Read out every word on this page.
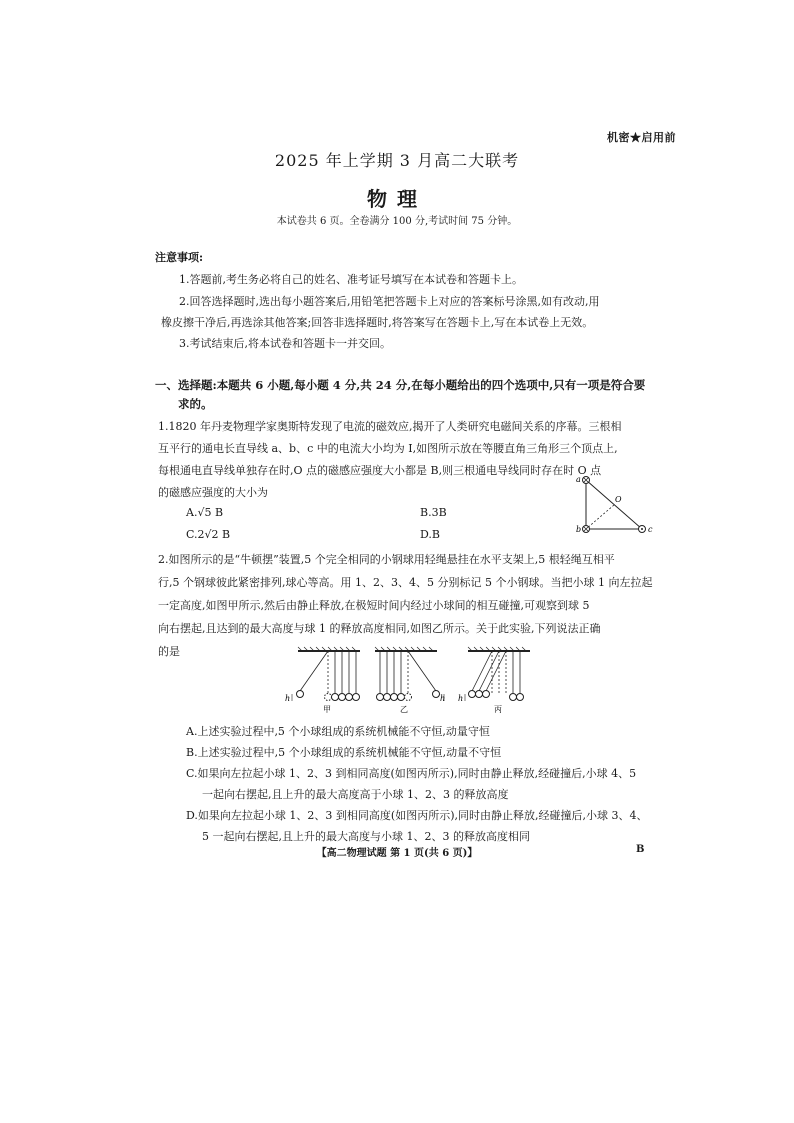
机密★启用前
2025 年上学期 3 月高二大联考
物理
本试卷共 6 页。全卷满分 100 分,考试时间 75 分钟。
注意事项:
1.答题前,考生务必将自己的姓名、准考证号填写在本试卷和答题卡上。
2.回答选择题时,选出每小题答案后,用铅笔把答题卡上对应的答案标号涂黑,如有改动,用
橡皮擦干净后,再选涂其他答案;回答非选择题时,将答案写在答题卡上,写在本试卷上无效。
3.考试结束后,将本试卷和答题卡一并交回。
一、选择题:本题共 6 小题,每小题 4 分,共 24 分,在每小题给出的四个选项中,只有一项是符合要
求的。
1.1820 年丹麦物理学家奥斯特发现了电流的磁效应,揭开了人类研究电磁间关系的序幕。三根相
互平行的通电长直导线 a、b、c 中的电流大小均为 I,如图所示放在等腰直角三角形三个顶点上,
每根通电直导线单独存在时,O 点的磁感应强度大小都是 B,则三根通电导线同时存在时 O 点
的磁感应强度的大小为
A.√5 B	B.3B
C.2√2 B	D.B
a
b	c
O
2.如图所示的是“牛顿摆”装置,5 个完全相同的小钢球用轻绳悬挂在水平支架上,5 根轻绳互相平
行,5 个钢球彼此紧密排列,球心等高。用 1、2、3、4、5 分别标记 5 个小钢球。当把小球 1 向左拉起
一定高度,如图甲所示,然后由静止释放,在极短时间内经过小球间的相互碰撞,可观察到球 5
向右摆起,且达到的最大高度与球 1 的释放高度相同,如图乙所示。关于此实验,下列说法正确
的是
h
甲
h
乙
h
丙
A.上述实验过程中,5 个小球组成的系统机械能不守恒,动量守恒
B.上述实验过程中,5 个小球组成的系统机械能不守恒,动量不守恒
C.如果向左拉起小球 1、2、3 到相同高度(如图丙所示),同时由静止释放,经碰撞后,小球 4、5
一起向右摆起,且上升的最大高度高于小球 1、2、3 的释放高度
D.如果向左拉起小球 1、2、3 到相同高度(如图丙所示),同时由静止释放,经碰撞后,小球 3、4、
5 一起向右摆起,且上升的最大高度与小球 1、2、3 的释放高度相同
【高二物理试题 第 1 页(共 6 页)】	B
